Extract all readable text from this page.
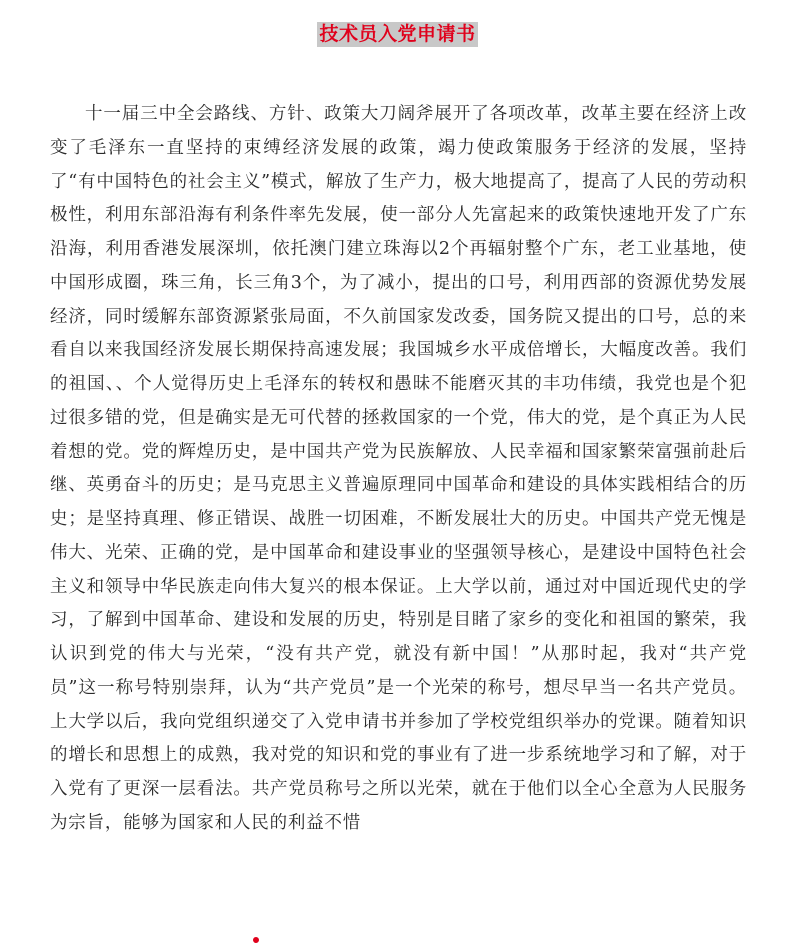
技术员入党申请书

十一届三中全会路线、方针、政策大刀阔斧展开了各项改革，改革主要在经济上改变了毛泽东一直坚持的束缚经济发展的政策，竭力使政策服务于经济的发展，坚持了“有中国特色的社会主义”模式，解放了生产力，极大地提高了，提高了人民的劳动积极性，利用东部沿海有利条件率先发展，使一部分人先富起来的政策快速地开发了广东沿海，利用香港发展深圳，依托澳门建立珠海以2个再辐射整个广东，老工业基地，使中国形成圈，珠三角，长三角3个，为了减小，提出的口号，利用西部的资源优势发展经济，同时缓解东部资源紧张局面，不久前国家发改委，国务院又提出的口号，总的来看自以来我国经济发展长期保持高速发展；我国城乡水平成倍增长，大幅度改善。我们的祖国、、个人觉得历史上毛泽东的转权和愚昧不能磨灭其的丰功伟绩，我党也是个犯过很多错的党，但是确实是无可代替的拯救国家的一个党，伟大的党，是个真正为人民着想的党。党的辉煌历史，是中国共产党为民族解放、人民幸福和国家繁荣富强前赴后继、英勇奋斗的历史；是马克思主义普遍原理同中国革命和建设的具体实践相结合的历史；是坚持真理、修正错误、战胜一切困难，不断发展壮大的历史。中国共产党无愧是伟大、光荣、正确的党，是中国革命和建设事业的坚强领导核心，是建设中国特色社会主义和领导中华民族走向伟大复兴的根本保证。上大学以前，通过对中国近现代史的学习，了解到中国革命、建设和发展的历史，特别是目睹了家乡的变化和祖国的繁荣，我认识到党的伟大与光荣，“没有共产党，就没有新中国！”从那时起，我对“共产党员”这一称号特别崇拜，认为“共产党员”是一个光荣的称号，想尽早当一名共产党员。上大学以后，我向党组织递交了入党申请书并参加了学校党组织举办的党课。随着知识的增长和思想上的成熟，我对党的知识和党的事业有了进一步系统地学习和了解，对于入党有了更深一层看法。共产党员称号之所以光荣，就在于他们以全心全意为人民服务为宗旨，能够为国家和人民的利益不惜
